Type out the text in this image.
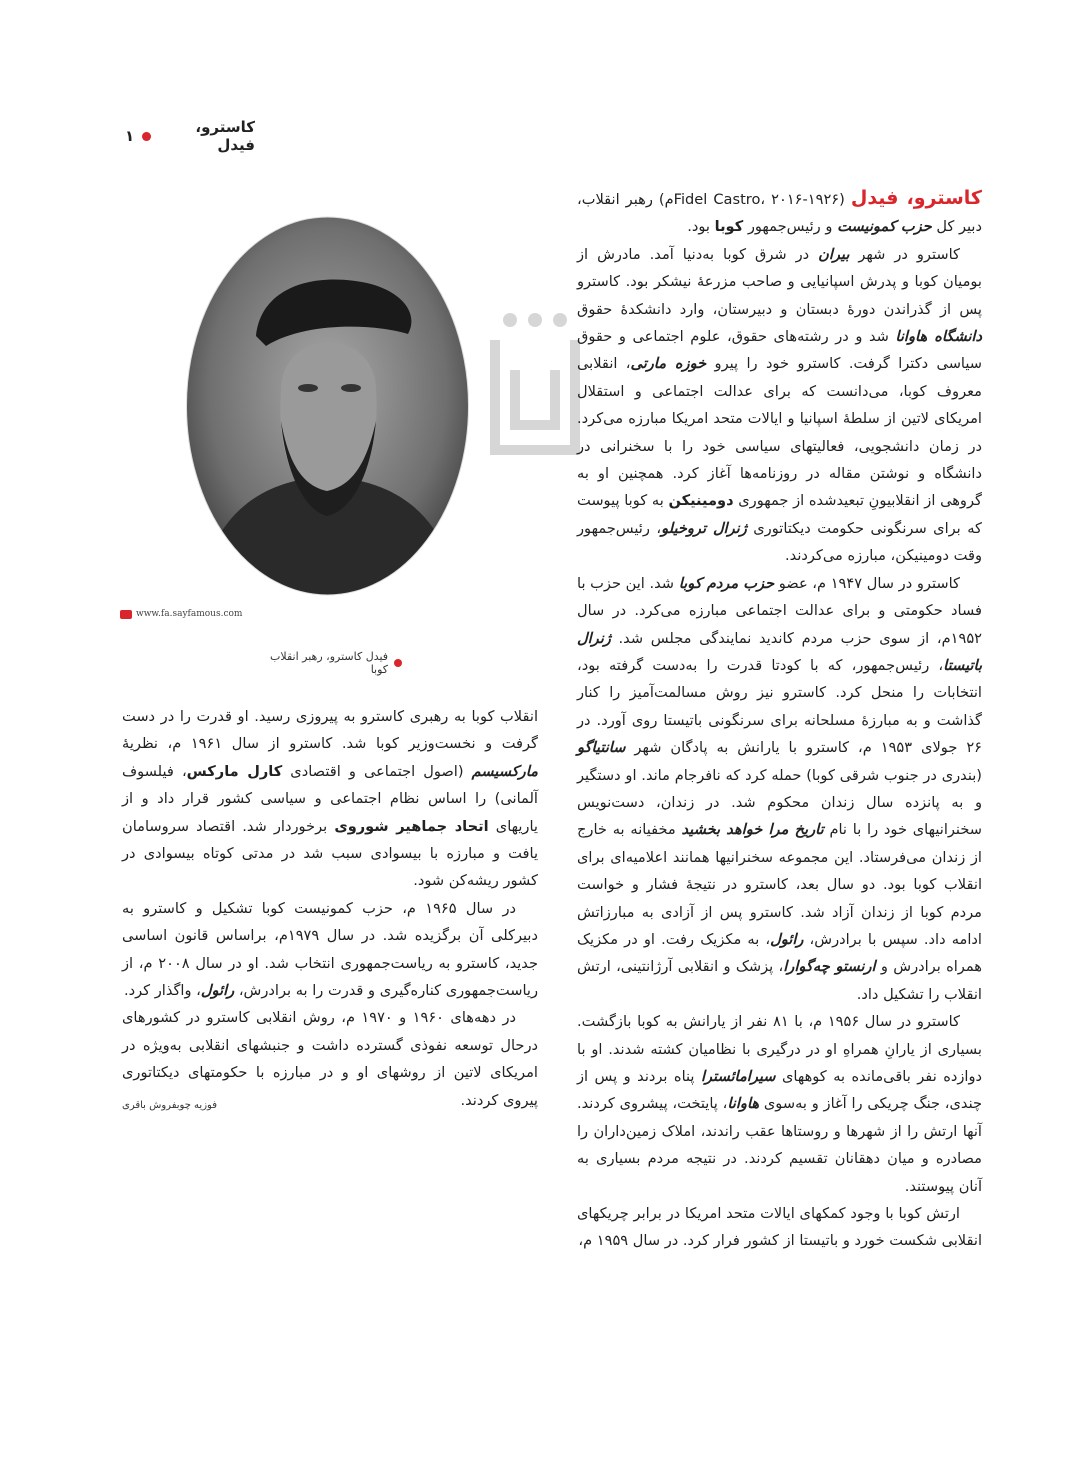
کاسترو، فیدل
۱
www.fa.sayfamous.com
فیدل کاسترو، رهبر انقلاب کوبا

کاسترو، فیدل (Fidel Castro، ۲۰۱۶-۱۹۲۶م) رهبر انقلاب، دبیر کل حزب کمونیست و رئیس‌جمهور کوبا بود.

کاسترو در شهر بیران در شرق کوبا به‌دنیا آمد. مادرش از بومیان کوبا و پدرش اسپانیایی و صاحب مزرعهٔ نیشکر بود. کاسترو پس از گذراندن دورهٔ دبستان و دبیرستان، وارد دانشکدهٔ حقوق دانشگاه هاوانا شد و در رشته‌های حقوق، علوم اجتماعی و حقوق سیاسی دکترا گرفت. کاسترو خود را پیرو خوزه مارتی، انقلابی معروف کوبا، می‌دانست که برای عدالت اجتماعی و استقلال امریکای لاتین از سلطهٔ اسپانیا و ایالات متحد امریکا مبارزه می‌کرد. در زمان دانشجویی، فعالیتهای سیاسی خود را با سخنرانی در دانشگاه و نوشتن مقاله در روزنامه‌ها آغاز کرد. همچنین او به گروهی از انقلابیونِ تبعیدشده از جمهوری دومینیکن به کوبا پیوست که برای سرنگونی حکومت دیکتاتوری ژنرال تروخیلو، رئیس‌جمهور وقت دومینیکن، مبارزه می‌کردند.

کاسترو در سال ۱۹۴۷ م، عضو حزب مردم کوبا شد. این حزب با فساد حکومتی و برای عدالت اجتماعی مبارزه می‌کرد. در سال ۱۹۵۲م، از سوی حزب مردم کاندید نمایندگی مجلس شد. ژنرال باتیستا، رئیس‌جمهور، که با کودتا قدرت را به‌دست گرفته بود، انتخابات را منحل کرد. کاسترو نیز روش مسالمت‌آمیز را کنار گذاشت و به مبارزهٔ مسلحانه برای سرنگونی باتیستا روی آورد. در ۲۶ جولای ۱۹۵۳ م، کاسترو با یارانش به پادگان شهر سانتیاگو (بندری در جنوب شرقی کوبا) حمله کرد که نافرجام ماند. او دستگیر و به پانزده سال زندان محکوم شد. در زندان، دست‌نویس سخنرانیهای خود را با نام تاریخ مرا خواهد بخشید مخفیانه به خارج از زندان می‌فرستاد. این مجموعه سخنرانیها همانند اعلامیه‌ای برای انقلاب کوبا بود. دو سال بعد، کاسترو در نتیجهٔ فشار و خواست مردم کوبا از زندان آزاد شد. کاسترو پس از آزادی به مبارزاتش ادامه داد. سپس با برادرش، رائول، به مکزیک رفت. او در مکزیک همراه برادرش و ارنستو چه‌گوارا، پزشک و انقلابی آرژانتینی، ارتش انقلاب را تشکیل داد.

کاسترو در سال ۱۹۵۶ م، با ۸۱ نفر از یارانش به کوبا بازگشت. بسیاری از یارانِ همراهِ او در درگیری با نظامیان کشته شدند. او با دوازده نفر باقی‌مانده به کوههای سیرامائسترا پناه بردند و پس از چندی، جنگ چریکی را آغاز و به‌سوی هاوانا، پایتخت، پیشروی کردند. آنها ارتش را از شهرها و روستاها عقب راندند، املاک زمین‌داران را مصادره و میان دهقانان تقسیم کردند. در نتیجه مردم بسیاری به آنان پیوستند.

ارتش کوبا با وجود کمکهای ایالات متحد امریکا در برابر چریکهای انقلابی شکست خورد و باتیستا از کشور فرار کرد. در سال ۱۹۵۹ م،

انقلاب کوبا به رهبری کاسترو به پیروزی رسید. او قدرت را در دست گرفت و نخست‌وزیر کوبا شد. کاسترو از سال ۱۹۶۱ م، نظریهٔ مارکسیسم (اصول اجتماعی و اقتصادی کارل مارکس، فیلسوف آلمانی) را اساس نظام اجتماعی و سیاسی کشور قرار داد و از یاریهای اتحاد جماهیر شوروی برخوردار شد. اقتصاد سروسامان یافت و مبارزه با بیسوادی سبب شد در مدتی کوتاه بیسوادی در کشور ریشه‌کن شود.

در سال ۱۹۶۵ م، حزب کمونیست کوبا تشکیل و کاسترو به دبیرکلی آن برگزیده شد. در سال ۱۹۷۹م، براساس قانون اساسی جدید، کاسترو به ریاست‌جمهوری انتخاب شد. او در سال ۲۰۰۸ م، از ریاست‌جمهوری کناره‌گیری و قدرت را به برادرش، رائول، واگذار کرد.

در دهه‌های ۱۹۶۰ و ۱۹۷۰ م، روش انقلابی کاسترو در کشورهای درحال توسعه نفوذی گسترده داشت و جنبشهای انقلابی به‌ویژه در امریکای لاتین از روشهای او و در مبارزه با حکومتهای دیکتاتوری پیروی کردند.

فوزیه چوبفروش باقری
